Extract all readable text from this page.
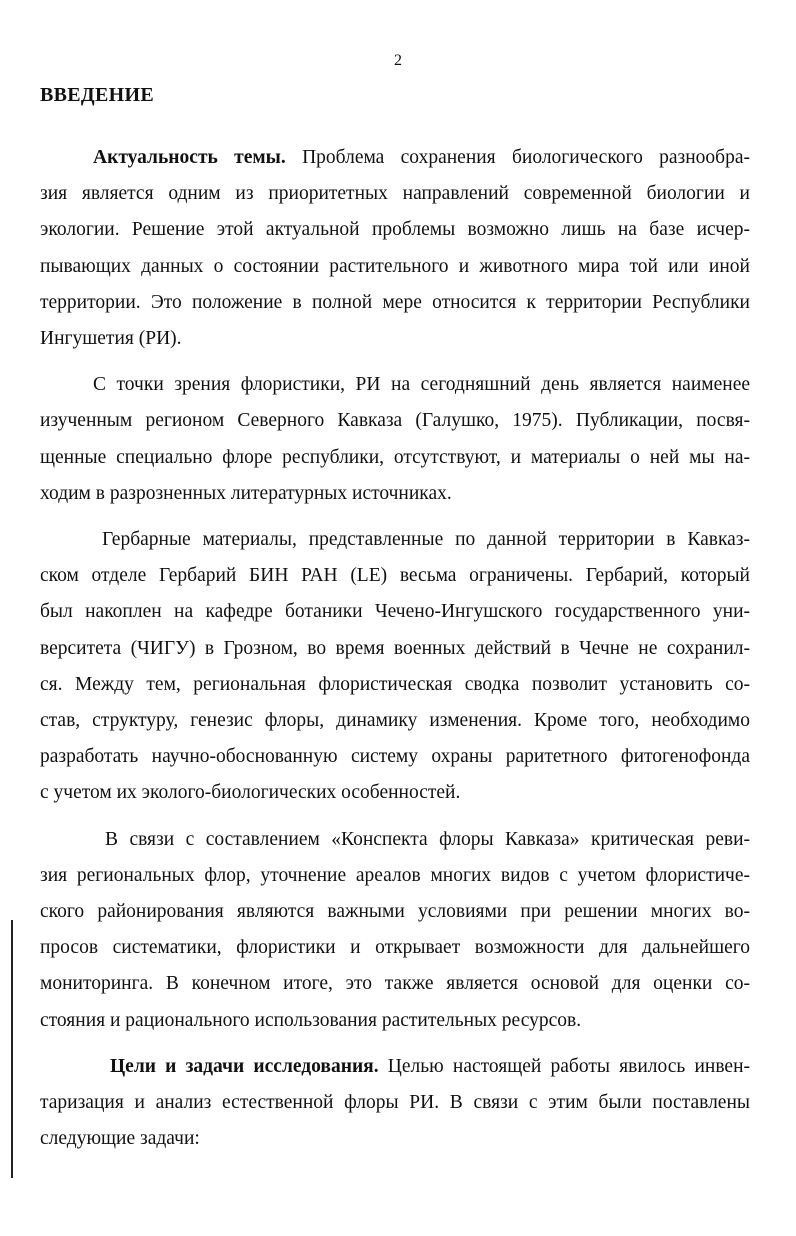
2
ВВЕДЕНИЕ

Актуальность темы. Проблема сохранения биологического разнообра-
зия является одним из приоритетных направлений современной биологии и
экологии. Решение этой актуальной проблемы возможно лишь на базе исчер-
пывающих данных о состоянии растительного и животного мира той или иной
территории. Это положение в полной мере относится к территории Республики
Ингушетия (РИ).

С точки зрения флористики, РИ на сегодняшний день является наименее
изученным регионом Северного Кавказа (Галушко, 1975). Публикации, посвя-
щенные специально флоре республики, отсутствуют, и материалы о ней мы на-
ходим в разрозненных литературных источниках.

Гербарные материалы, представленные по данной территории в Кавказ-
ском отделе Гербарий БИН РАН (LE) весьма ограничены. Гербарий, который
был накоплен на кафедре ботаники Чечено-Ингушского государственного уни-
верситета (ЧИГУ) в Грозном, во время военных действий в Чечне не сохранил-
ся. Между тем, региональная флористическая сводка позволит установить со-
став, структуру, генезис флоры, динамику изменения. Кроме того, необходимо
разработать научно-обоснованную систему охраны раритетного фитогенофонда
с учетом их эколого-биологических особенностей.

В связи с составлением «Конспекта флоры Кавказа» критическая реви-
зия региональных флор, уточнение ареалов многих видов с учетом флористиче-
ского районирования являются важными условиями при решении многих во-
просов систематики, флористики и открывает возможности для дальнейшего
мониторинга. В конечном итоге, это также является основой для оценки со-
стояния и рационального использования растительных ресурсов.

Цели и задачи исследования. Целью настоящей работы явилось инвен-
таризация и анализ естественной флоры РИ. В связи с этим были поставлены
следующие задачи:
